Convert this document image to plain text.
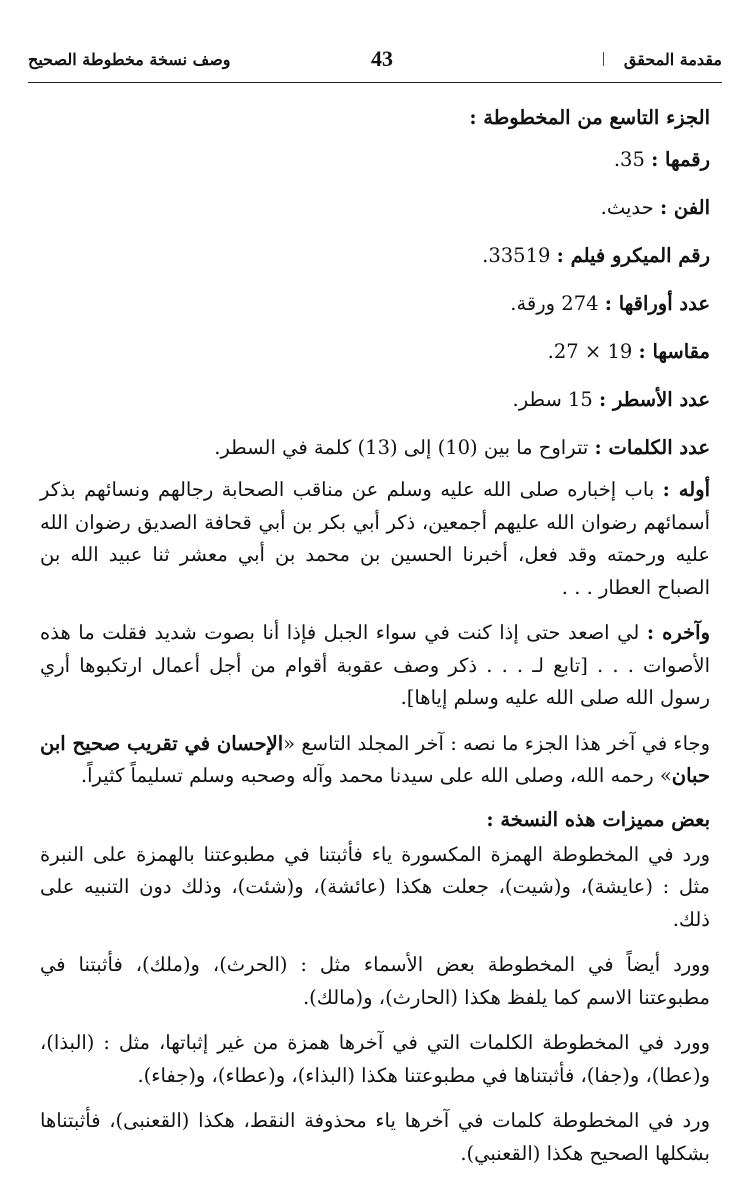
مقدمة المحقق
43
وصف نسخة مخطوطة الصحيح
الجزء التاسع من المخطوطة :
رقمها : 35.
الفن : حديث.
رقم الميكرو فيلم : 33519.
عدد أوراقها : 274 ورقة.
مقاسها : 19 × 27.
عدد الأسطر : 15 سطر.
عدد الكلمات : تتراوح ما بين (10) إلى (13) كلمة في السطر.

أوله : باب إخباره صلى الله عليه وسلم عن مناقب الصحابة رجالهم ونسائهم بذكر أسمائهم رضوان الله عليهم أجمعين، ذكر أبي بكر بن أبي قحافة الصديق رضوان الله عليه ورحمته وقد فعل، أخبرنا الحسين بن محمد بن أبي معشر ثنا عبيد الله بن الصباح العطار . . .

وآخره : لي اصعد حتى إذا كنت في سواء الجبل فإذا أنا بصوت شديد فقلت ما هذه الأصوات . . . [تابع لـ . . . ذكر وصف عقوبة أقوام من أجل أعمال ارتكبوها أري رسول الله صلى الله عليه وسلم إياها].

وجاء في آخر هذا الجزء ما نصه : آخر المجلد التاسع «الإحسان في تقريب صحيح ابن حبان» رحمه الله، وصلى الله على سيدنا محمد وآله وصحبه وسلم تسليماً كثيراً.

بعض مميزات هذه النسخة :

ورد في المخطوطة الهمزة المكسورة ياء فأثبتنا في مطبوعتنا بالهمزة على النبرة مثل : (عايشة)، و(شيت)، جعلت هكذا (عائشة)، و(شئت)، وذلك دون التنبيه على ذلك.

وورد أيضاً في المخطوطة بعض الأسماء مثل : (الحرث)، و(ملك)، فأثبتنا في مطبوعتنا الاسم كما يلفظ هكذا (الحارث)، و(مالك).

وورد في المخطوطة الكلمات التي في آخرها همزة من غير إثباتها، مثل : (البذا)، و(عطا)، و(جفا)، فأثبتناها في مطبوعتنا هكذا (البذاء)، و(عطاء)، و(جفاء).

ورد في المخطوطة كلمات في آخرها ياء محذوفة النقط، هكذا (القعنبى)، فأثبتناها بشكلها الصحيح هكذا (القعنبي).
